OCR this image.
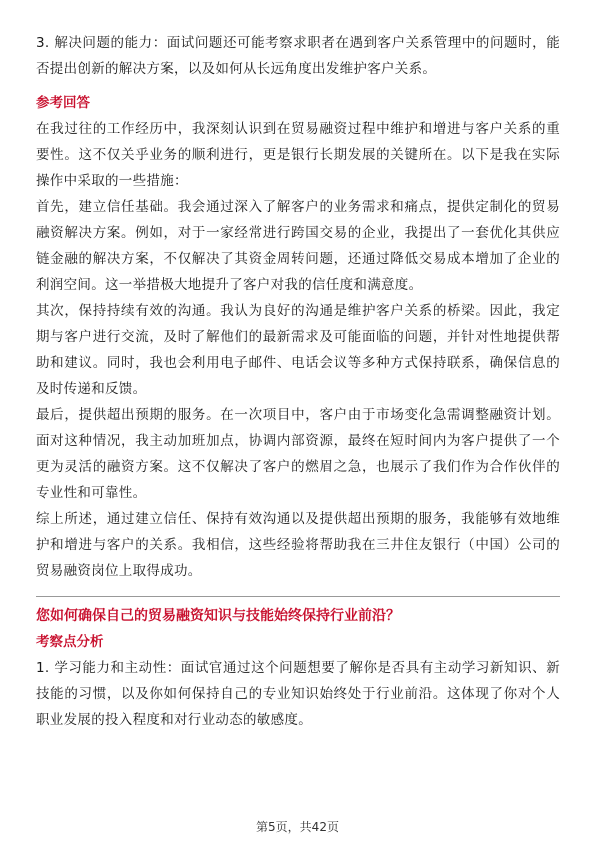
3. 解决问题的能力：面试问题还可能考察求职者在遇到客户关系管理中的问题时，能否提出创新的解决方案，以及如何从长远角度出发维护客户关系。

参考回答

在我过往的工作经历中，我深刻认识到在贸易融资过程中维护和增进与客户关系的重要性。这不仅关乎业务的顺利进行，更是银行长期发展的关键所在。以下是我在实际操作中采取的一些措施：

首先，建立信任基础。我会通过深入了解客户的业务需求和痛点，提供定制化的贸易融资解决方案。例如，对于一家经常进行跨国交易的企业，我提出了一套优化其供应链金融的解决方案，不仅解决了其资金周转问题，还通过降低交易成本增加了企业的利润空间。这一举措极大地提升了客户对我的信任度和满意度。

其次，保持持续有效的沟通。我认为良好的沟通是维护客户关系的桥梁。因此，我定期与客户进行交流，及时了解他们的最新需求及可能面临的问题，并针对性地提供帮助和建议。同时，我也会利用电子邮件、电话会议等多种方式保持联系，确保信息的及时传递和反馈。

最后，提供超出预期的服务。在一次项目中，客户由于市场变化急需调整融资计划。面对这种情况，我主动加班加点，协调内部资源，最终在短时间内为客户提供了一个更为灵活的融资方案。这不仅解决了客户的燃眉之急，也展示了我们作为合作伙伴的专业性和可靠性。

综上所述，通过建立信任、保持有效沟通以及提供超出预期的服务，我能够有效地维护和增进与客户的关系。我相信，这些经验将帮助我在三井住友银行（中国）公司的贸易融资岗位上取得成功。

您如何确保自己的贸易融资知识与技能始终保持行业前沿？

考察点分析

1. 学习能力和主动性：面试官通过这个问题想要了解你是否具有主动学习新知识、新技能的习惯，以及你如何保持自己的专业知识始终处于行业前沿。这体现了你对个人职业发展的投入程度和对行业动态的敏感度。

第5页，共42页
